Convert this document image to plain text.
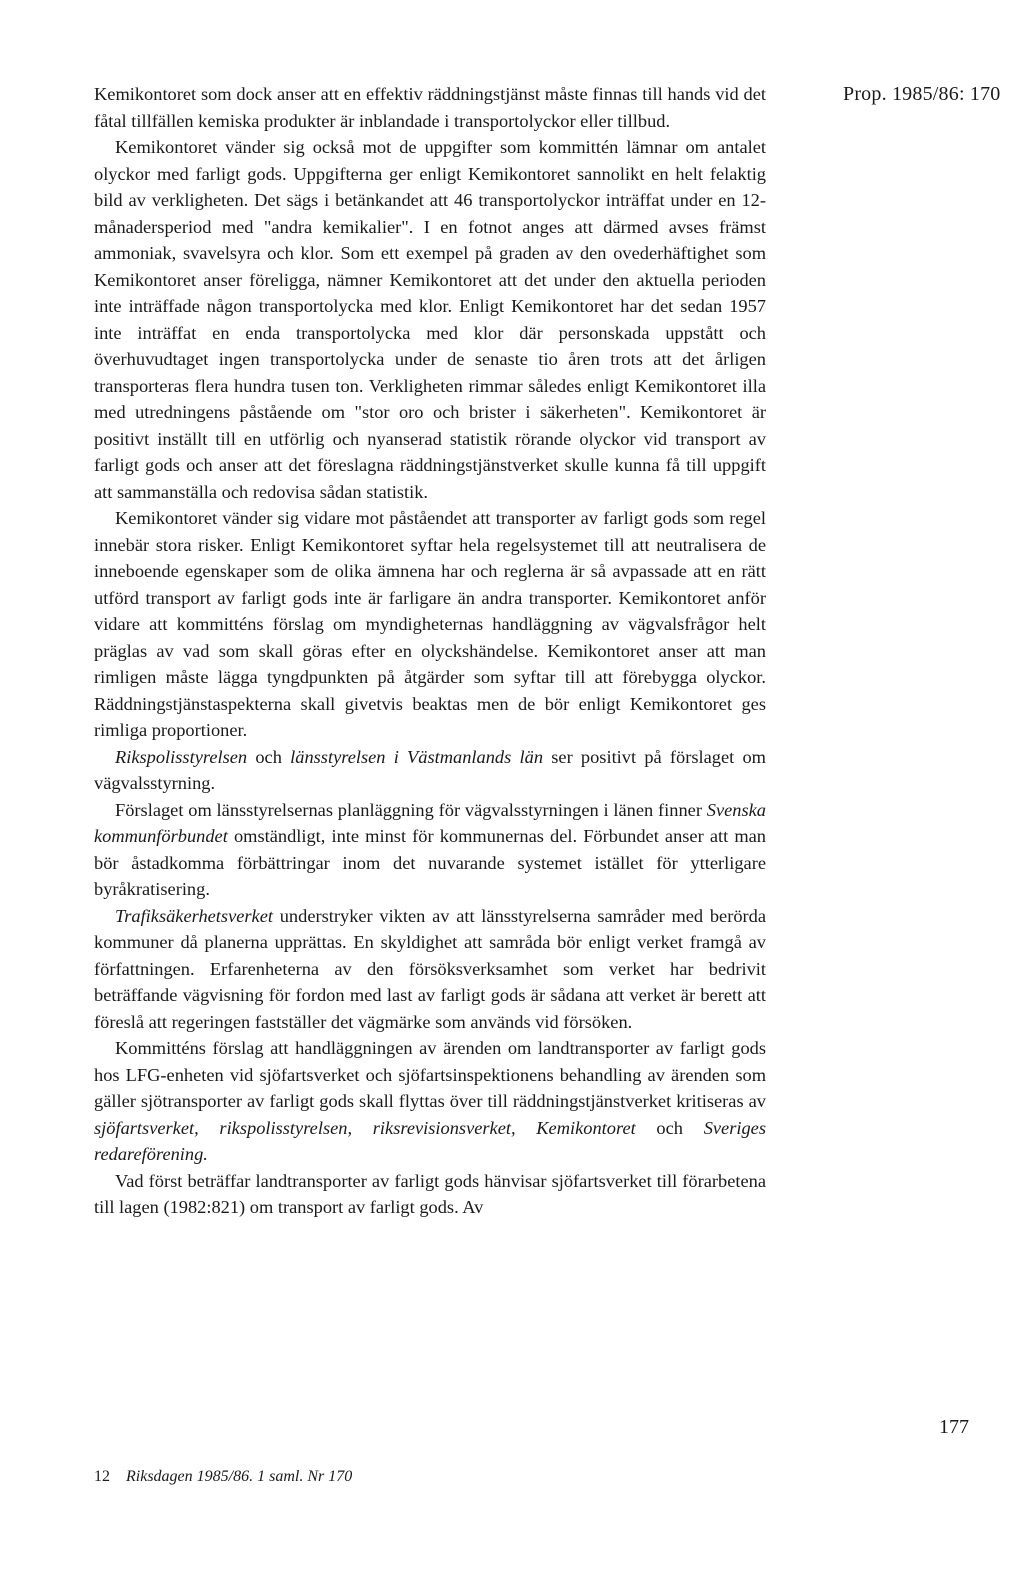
Prop. 1985/86: 170

Kemikontoret som dock anser att en effektiv räddningstjänst måste finnas till hands vid det fåtal tillfällen kemiska produkter är inblandade i transportolyckor eller tillbud.

Kemikontoret vänder sig också mot de uppgifter som kommittén lämnar om antalet olyckor med farligt gods. Uppgifterna ger enligt Kemikontoret sannolikt en helt felaktig bild av verkligheten. Det sägs i betänkandet att 46 transportolyckor inträffat under en 12-månadersperiod med "andra kemikalier". I en fotnot anges att därmed avses främst ammoniak, svavelsyra och klor. Som ett exempel på graden av den ovederhäftighet som Kemikontoret anser föreligga, nämner Kemikontoret att det under den aktuella perioden inte inträffade någon transportolycka med klor. Enligt Kemikontoret har det sedan 1957 inte inträffat en enda transportolycka med klor där personskada uppstått och överhuvudtaget ingen transportolycka under de senaste tio åren trots att det årligen transporteras flera hundra tusen ton. Verkligheten rimmar således enligt Kemikontoret illa med utredningens påstående om "stor oro och brister i säkerheten". Kemikontoret är positivt inställt till en utförlig och nyanserad statistik rörande olyckor vid transport av farligt gods och anser att det föreslagna räddningstjänstverket skulle kunna få till uppgift att sammanställa och redovisa sådan statistik.

Kemikontoret vänder sig vidare mot påståendet att transporter av farligt gods som regel innebär stora risker. Enligt Kemikontoret syftar hela regelsystemet till att neutralisera de inneboende egenskaper som de olika ämnena har och reglerna är så avpassade att en rätt utförd transport av farligt gods inte är farligare än andra transporter. Kemikontoret anför vidare att kommitténs förslag om myndigheternas handläggning av vägvalsfrågor helt präglas av vad som skall göras efter en olyckshändelse. Kemikontoret anser att man rimligen måste lägga tyngdpunkten på åtgärder som syftar till att förebygga olyckor. Räddningstjänstaspekterna skall givetvis beaktas men de bör enligt Kemikontoret ges rimliga proportioner.

Rikspolisstyrelsen och länsstyrelsen i Västmanlands län ser positivt på förslaget om vägvalsstyrning.

Förslaget om länsstyrelsernas planläggning för vägvalsstyrningen i länen finner Svenska kommunförbundet omständligt, inte minst för kommunernas del. Förbundet anser att man bör åstadkomma förbättringar inom det nuvarande systemet istället för ytterligare byråkratisering.

Trafiksäkerhetsverket understryker vikten av att länsstyrelserna samråder med berörda kommuner då planerna upprättas. En skyldighet att samråda bör enligt verket framgå av författningen. Erfarenheterna av den försöksverksamhet som verket har bedrivit beträffande vägvisning för fordon med last av farligt gods är sådana att verket är berett att föreslå att regeringen fastställer det vägmärke som används vid försöken.

Kommitténs förslag att handläggningen av ärenden om landtransporter av farligt gods hos LFG-enheten vid sjöfartsverket och sjöfartsinspektionens behandling av ärenden som gäller sjötransporter av farligt gods skall flyttas över till räddningstjänstverket kritiseras av sjöfartsverket, rikspolisstyrelsen, riksrevisionsverket, Kemikontoret och Sveriges redareförening.

Vad först beträffar landtransporter av farligt gods hänvisar sjöfartsverket till förarbetena till lagen (1982:821) om transport av farligt gods. Av

177
12 Riksdagen 1985/86. 1 saml. Nr 170
